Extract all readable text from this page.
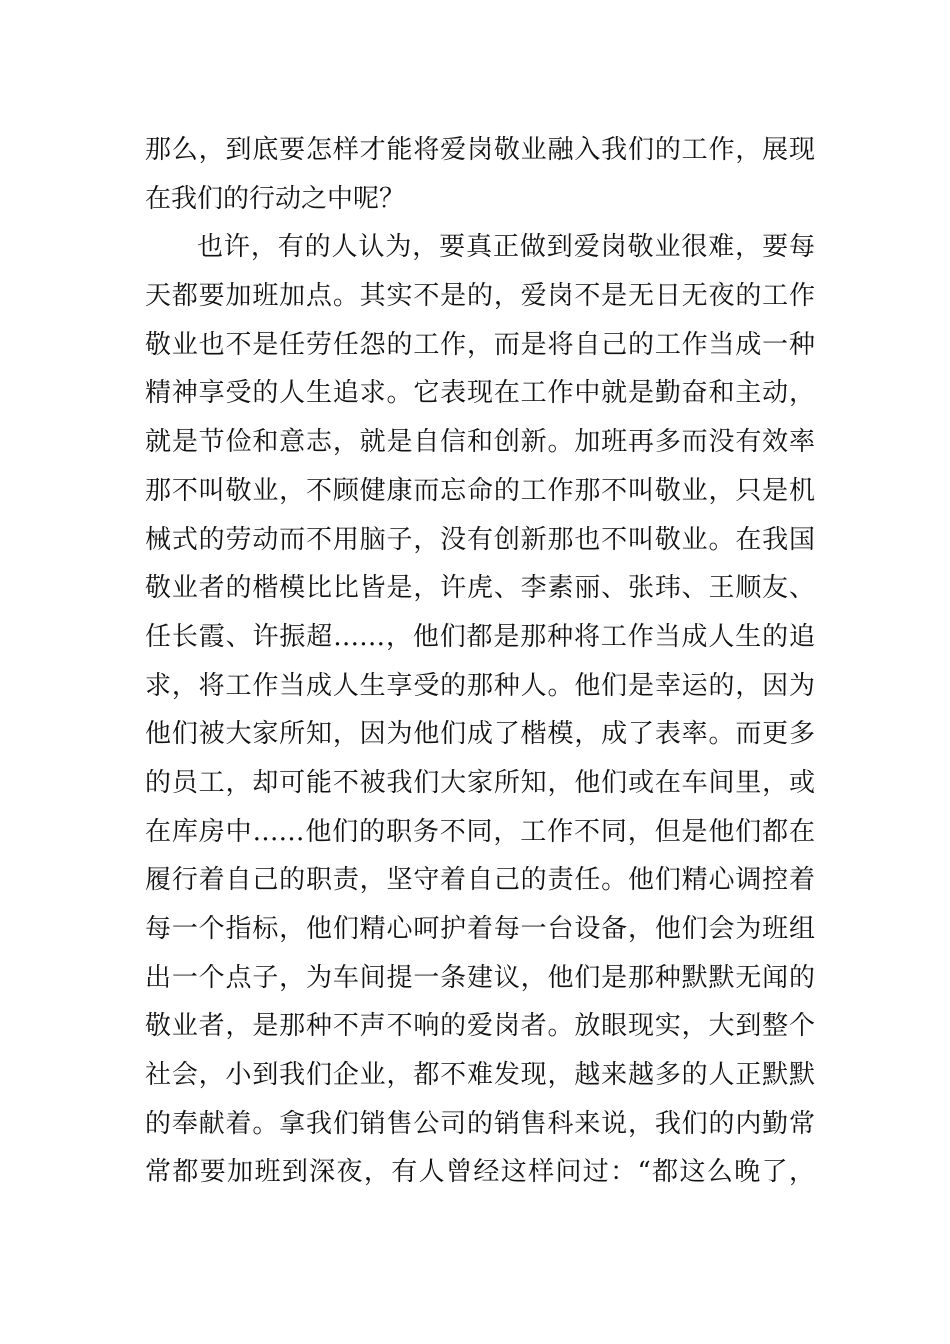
那么，到底要怎样才能将爱岗敬业融入我们的工作，展现
在我们的行动之中呢？
也许，有的人认为，要真正做到爱岗敬业很难，要每
天都要加班加点。其实不是的，爱岗不是无日无夜的工作
敬业也不是任劳任怨的工作，而是将自己的工作当成一种
精神享受的人生追求。它表现在工作中就是勤奋和主动，
就是节俭和意志，就是自信和创新。加班再多而没有效率
那不叫敬业，不顾健康而忘命的工作那不叫敬业，只是机
械式的劳动而不用脑子，没有创新那也不叫敬业。在我国
敬业者的楷模比比皆是，许虎、李素丽、张玮、王顺友、
任长霞、许振超……，他们都是那种将工作当成人生的追
求，将工作当成人生享受的那种人。他们是幸运的，因为
他们被大家所知，因为他们成了楷模，成了表率。而更多
的员工，却可能不被我们大家所知，他们或在车间里，或
在库房中……他们的职务不同，工作不同，但是他们都在
履行着自己的职责，坚守着自己的责任。他们精心调控着
每一个指标，他们精心呵护着每一台设备，他们会为班组
出一个点子，为车间提一条建议，他们是那种默默无闻的
敬业者，是那种不声不响的爱岗者。放眼现实，大到整个
社会，小到我们企业，都不难发现，越来越多的人正默默
的奉献着。拿我们销售公司的销售科来说，我们的内勤常
常都要加班到深夜，有人曾经这样问过：“都这么晚了，
